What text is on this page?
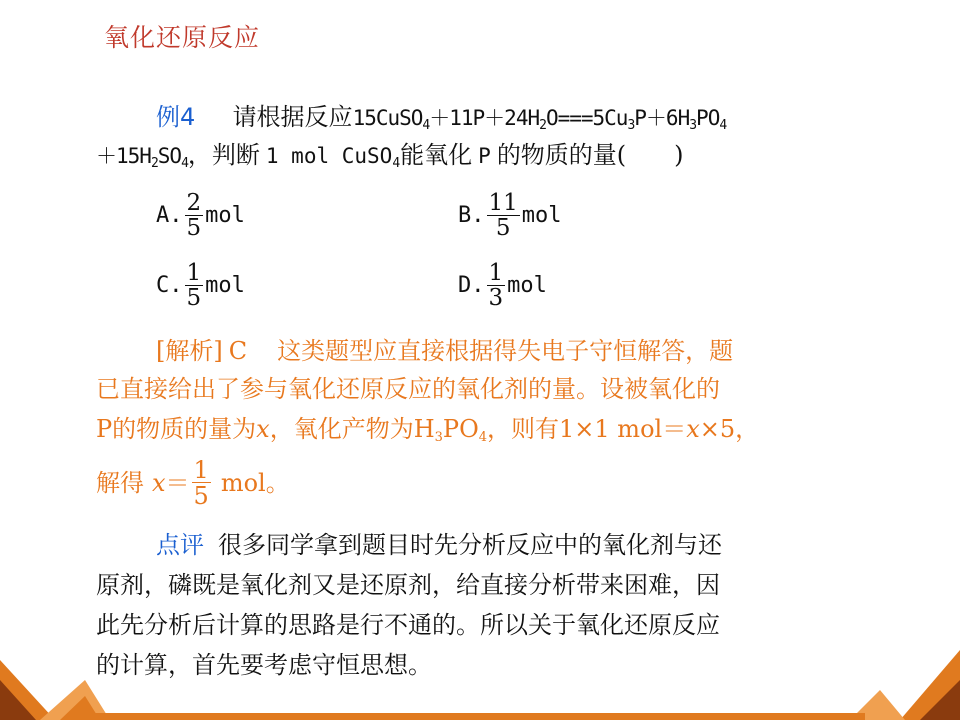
氧化还原反应
例4 请根据反应$15CuSO_4+11P+24H_2O===5Cu_3P+6H_3PO_4$
$+15H_2SO_4$，判断 1 mol CuSO$_4$能氧化 P 的物质的量(　　)
A. $\frac{2}{5}$ mol	B. $\frac{11}{5}$ mol
C. $\frac{1}{5}$ mol	D. $\frac{1}{3}$ mol
[解析] C 这类题型应直接根据得失电子守恒解答，题
已直接给出了参与氧化还原反应的氧化剂的量。设被氧化的
P的物质的量为x，氧化产物为$H_3PO_4$，则有1×1 mol＝x×5，
解得 $x= \frac{1}{5}$ mol。
点评 很多同学拿到题目时先分析反应中的氧化剂与还
原剂，磷既是氧化剂又是还原剂，给直接分析带来困难，因
此先分析后计算的思路是行不通的。所以关于氧化还原反应
的计算，首先要考虑守恒思想。
